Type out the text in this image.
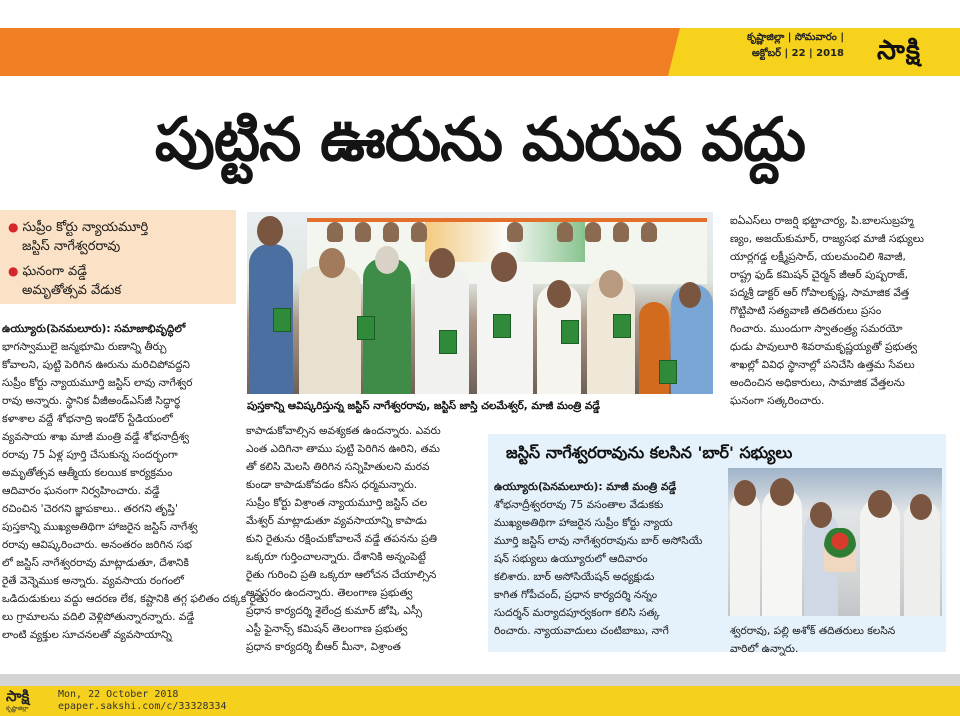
కృష్ణాజిల్లా | సోమవారం |
అక్టోబర్ | 22 | 2018	సాక్షి
పుట్టిన ఊరును మరువ వద్దు
● సుప్రీం కోర్టు న్యాయమూర్తి
జస్టిస్ నాగేశ్వరరావు
● ఘనంగా వడ్డే
అమృతోత్సవ వేడుక

ఉయ్యూరు(పెనమలూరు): సమాజాభివృద్ధిలో

భాగస్వాములై జన్మభూమి రుణాన్ని తీర్చు

కోవాలని, పుట్టి పెరిగిన ఊరును మరిచిపోవద్దని

సుప్రీం కోర్టు న్యాయమూర్తి జస్టిస్ లావు నాగేశ్వర

రావు అన్నారు. స్థానిక వీజీఅండ్ఎస్‌జీ సిద్ధార్థ

కళాశాల వద్దే శోభనాద్రి ఇండోర్ స్టేడియంలో

వ్యవసాయ శాఖ మాజీ మంత్రి వడ్డే శోభనాద్రీశ్వ

రరావు 75 ఏళ్ల పూర్తి చేసుకున్న సందర్భంగా

అమృతోత్సవ ఆత్మీయ కలయిక కార్యక్రమం

ఆదివారం ఘనంగా నిర్వహించారు. వడ్డే

రచించిన 'చెరగని జ్ఞాపకాలు.. తరగని తృప్తి'

పుస్తకాన్ని ముఖ్యఅతిథిగా హాజరైన జస్టిస్ నాగేశ్వ

రరావు ఆవిష్కరించారు. అనంతరం జరిగిన సభ

లో జస్టిస్ నాగేశ్వరరావు మాట్లాడుతూ, దేశానికి

రైతే వెన్నెముక అన్నారు. వ్యవసాయ రంగంలో

ఒడిదుడుకులు వద్దు ఆదరణ లేక, కష్టానికి తగ్గ ఫలితం దక్కక రైతు

లు గ్రామాలను వదిలి వెళ్లిపోతున్నారన్నారు. వడ్డే

లాంటి వ్యక్తుల సూచనలతో వ్యవసాయాన్ని

పుస్తకాన్ని ఆవిష్కరిస్తున్న జస్టిస్ నాగేశ్వరరావు, జస్టిస్ జాస్తి చలమేశ్వర్, మాజీ మంత్రి వడ్డే

కాపాడుకోవాల్సిన అవశ్యకత ఉందన్నారు. ఎవరు

ఎంత ఎదిగినా తాము పుట్టి పెరిగిన ఊరిని, తమ

తో కలిసి మెలసి తిరిగిన సన్నిహితులని మరవ

కుండా కాపాడుకోవడం కనీస ధర్మమన్నారు.

సుప్రీం కోర్టు విశ్రాంత న్యాయమూర్తి జస్టిస్ చల

మేశ్వర్ మాట్లాడుతూ వ్యవసాయాన్ని కాపాడు

కుని రైతును రక్షించుకోవాలనే వడ్డే తపనను ప్రతి

ఒక్కరూ గుర్తించాలన్నారు. దేశానికి అన్నంపెట్టే

రైతు గురించి ప్రతి ఒక్కరూ ఆలోచన చేయాల్సిన

అవసరం ఉందన్నారు. తెలంగాణ ప్రభుత్వ

ప్రధాన కార్యదర్శి శైలేంద్ర కుమార్ జోషి, ఎస్సీ

ఎస్టీ ఫైనాన్స్ కమిషన్ తెలంగాణ ప్రభుత్వ

ప్రధాన కార్యదర్శి బీఆర్ మీనా, విశ్రాంత

ఐఏఎస్‌లు రాజర్షి భట్టాచార్య, పి.బాలసుబ్రహ్మ

ణ్యం, అజయ్‌కుమార్, రాజ్యసభ మాజీ సభ్యులు

యార్లగడ్డ లక్ష్మీప్రసాద్, యలమంచిలి శివాజీ,

రాష్ట్ర ఫుడ్ కమిషన్ చైర్మన్ జీఆర్ పుష్పరాజ్,

పద్మశ్రీ డాక్టర్ ఆర్ గోపాలకృష్ణ, సామాజిక వేత్త

గొట్టిపాటి సత్యవాణి తదితరులు ప్రసం

గించారు. ముందుగా స్వాతంత్ర్య సమరయో

ధుడు పావులూరి శివరామకృష్ణయ్యతో ప్రభుత్వ

శాఖల్లో వివిధ స్థానాల్లో పనిచేసి ఉత్తమ సేవలు

అందించిన అధికారులు, సామాజిక వేత్తలను

ఘనంగా సత్కరించారు.

జస్టిస్ నాగేశ్వరరావును కలసిన 'బార్' సభ్యులు

ఉయ్యూరు(పెనమలూరు): మాజీ మంత్రి వడ్డే

శోభనాద్రీశ్వరరావు 75 వసంతాల వేడుకకు

ముఖ్యఅతిథిగా హాజరైన సుప్రీం కోర్టు న్యాయ

మూర్తి జస్టిస్ లావు నాగేశ్వరరావును బార్ అసోసియే

షన్ సభ్యులు ఉయ్యూరులో ఆదివారం

కలిశారు. బార్ అసోసియేషన్ అధ్యక్షుడు

కాగిత గోపీచంద్, ప్రధాన కార్యదర్శి నన్నం

సుదర్శన్ మర్యాదపూర్వకంగా కలిసి సత్క

రించారు. న్యాయవాదులు చంటిబాబు, నాగే	శ్వరరావు, పల్లి అశోక్ తదితరులు కలసిన

వారిలో ఉన్నారు.

సాక్షి
కృష్ణాజిల్లా
Mon, 22 October 2018
epaper.sakshi.com/c/33328334
